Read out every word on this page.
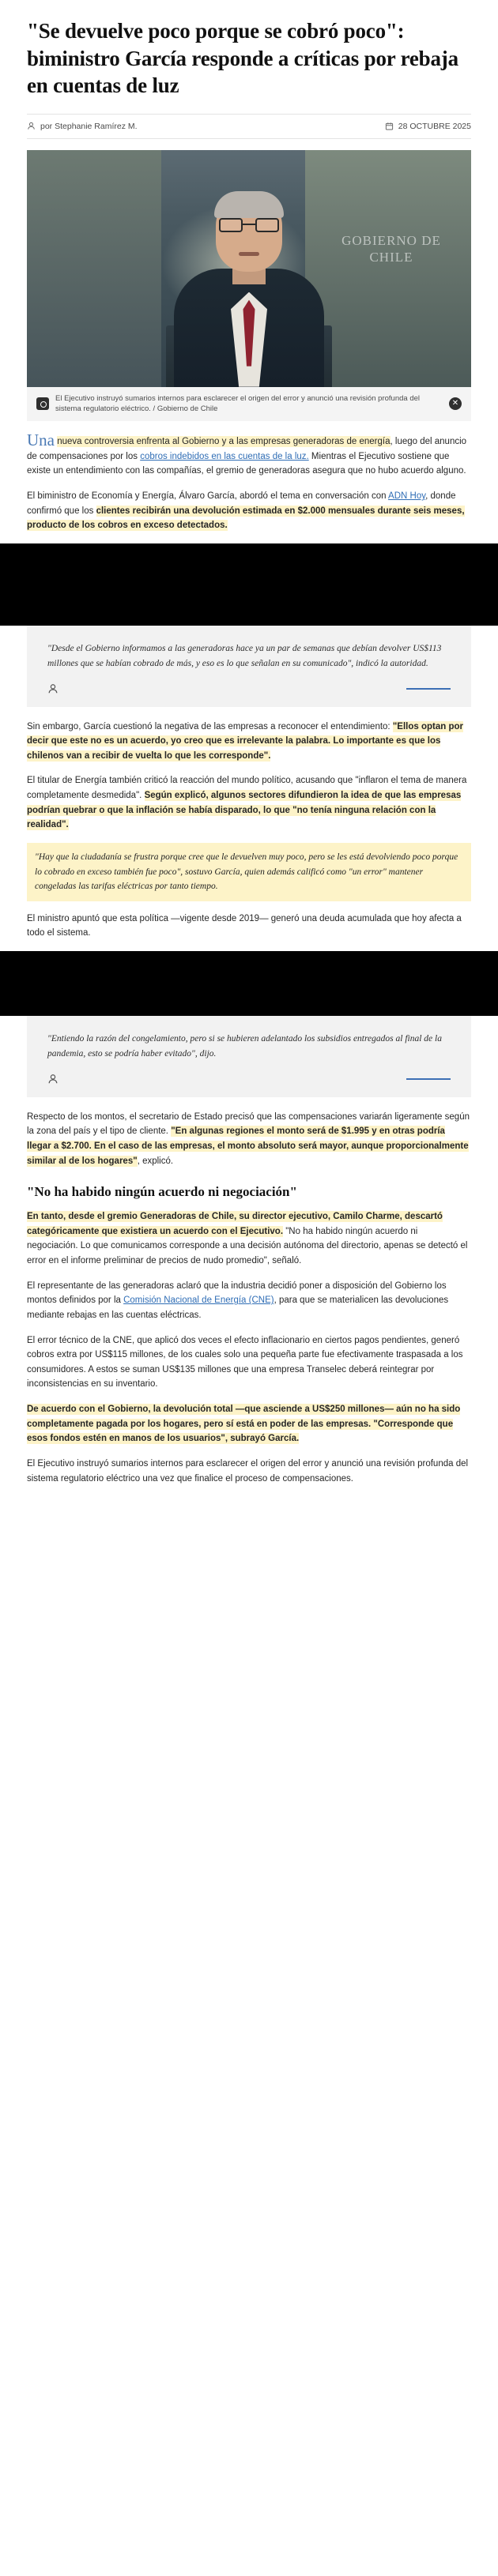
"Se devuelve poco porque se cobró poco": biministro García responde a críticas por rebaja en cuentas de luz
por Stephanie Ramírez M.	28 OCTUBRE 2025
GOBIERNO DE CHILE
El Ejecutivo instruyó sumarios internos para esclarecer el origen del error y anunció una revisión profunda del sistema regulatorio eléctrico. / Gobierno de Chile
✕

Una nueva controversia enfrenta al Gobierno y a las empresas generadoras de energía, luego del anuncio de compensaciones por los cobros indebidos en las cuentas de la luz. Mientras el Ejecutivo sostiene que existe un entendimiento con las compañías, el gremio de generadoras asegura que no hubo acuerdo alguno.

El biministro de Economía y Energía, Álvaro García, abordó el tema en conversación con ADN Hoy, donde confirmó que los clientes recibirán una devolución estimada en $2.000 mensuales durante seis meses, producto de los cobros en exceso detectados.

"Desde el Gobierno informamos a las generadoras hace ya un par de semanas que debían devolver US$113 millones que se habían cobrado de más, y eso es lo que señalan en su comunicado", indicó la autoridad.

Sin embargo, García cuestionó la negativa de las empresas a reconocer el entendimiento: "Ellos optan por decir que este no es un acuerdo, yo creo que es irrelevante la palabra. Lo importante es que los chilenos van a recibir de vuelta lo que les corresponde".

El titular de Energía también criticó la reacción del mundo político, acusando que "inflaron el tema de manera completamente desmedida". Según explicó, algunos sectores difundieron la idea de que las empresas podrían quebrar o que la inflación se había disparado, lo que "no tenía ninguna relación con la realidad".

"Hay que la ciudadanía se frustra porque cree que le devuelven muy poco, pero se les está devolviendo poco porque lo cobrado en exceso también fue poco", sostuvo García, quien además calificó como "un error" mantener congeladas las tarifas eléctricas por tanto tiempo.

El ministro apuntó que esta política —vigente desde 2019— generó una deuda acumulada que hoy afecta a todo el sistema.

"Entiendo la razón del congelamiento, pero si se hubieren adelantado los subsidios entregados al final de la pandemia, esto se podría haber evitado", dijo.

Respecto de los montos, el secretario de Estado precisó que las compensaciones variarán ligeramente según la zona del país y el tipo de cliente. "En algunas regiones el monto será de $1.995 y en otras podría llegar a $2.700. En el caso de las empresas, el monto absoluto será mayor, aunque proporcionalmente similar al de los hogares", explicó.

"No ha habido ningún acuerdo ni negociación"

En tanto, desde el gremio Generadoras de Chile, su director ejecutivo, Camilo Charme, descartó categóricamente que existiera un acuerdo con el Ejecutivo. "No ha habido ningún acuerdo ni negociación. Lo que comunicamos corresponde a una decisión autónoma del directorio, apenas se detectó el error en el informe preliminar de precios de nudo promedio", señaló.

El representante de las generadoras aclaró que la industria decidió poner a disposición del Gobierno los montos definidos por la Comisión Nacional de Energía (CNE), para que se materialicen las devoluciones mediante rebajas en las cuentas eléctricas.

El error técnico de la CNE, que aplicó dos veces el efecto inflacionario en ciertos pagos pendientes, generó cobros extra por US$115 millones, de los cuales solo una pequeña parte fue efectivamente traspasada a los consumidores. A estos se suman US$135 millones que una empresa Transelec deberá reintegrar por inconsistencias en su inventario.

De acuerdo con el Gobierno, la devolución total —que asciende a US$250 millones— aún no ha sido completamente pagada por los hogares, pero sí está en poder de las empresas. "Corresponde que esos fondos estén en manos de los usuarios", subrayó García.

El Ejecutivo instruyó sumarios internos para esclarecer el origen del error y anunció una revisión profunda del sistema regulatorio eléctrico una vez que finalice el proceso de compensaciones.
